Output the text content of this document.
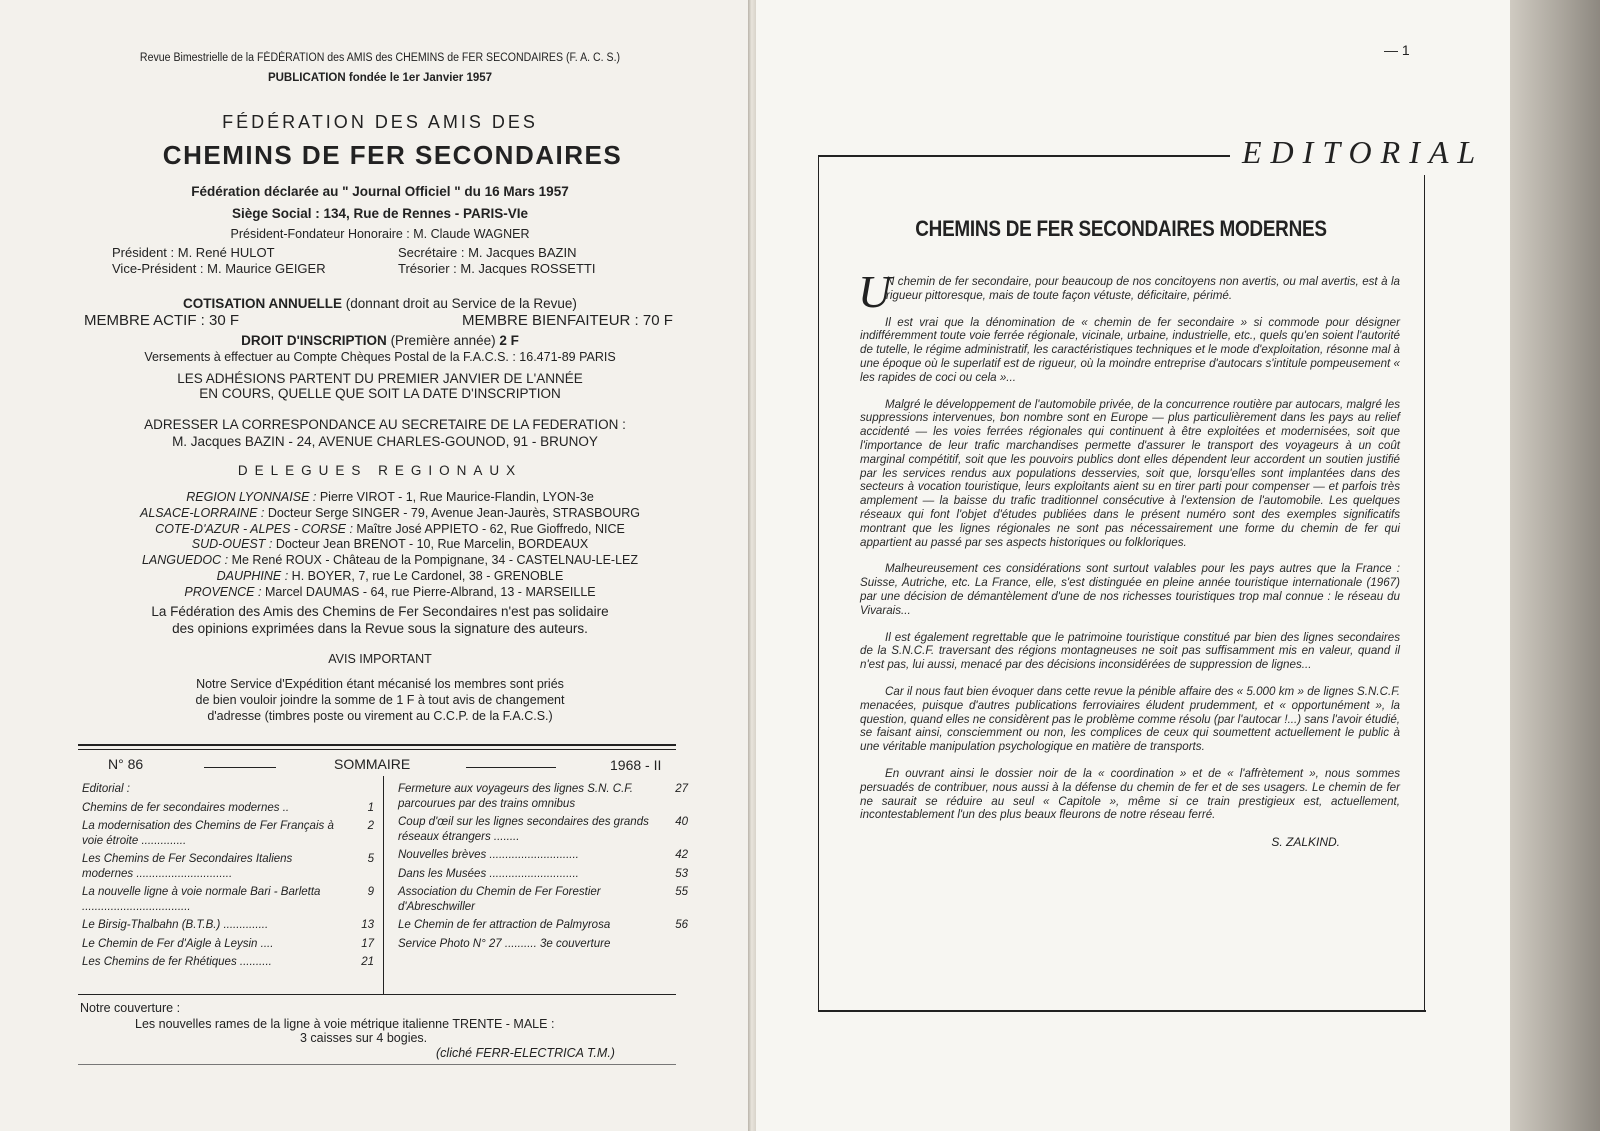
Revue Bimestrielle de la FÉDÉRATION des AMIS des CHEMINS de FER SECONDAIRES (F. A. C. S.)
PUBLICATION fondée le 1er Janvier 1957
FÉDÉRATION DES AMIS DES
CHEMINS DE FER SECONDAIRES
Fédération déclarée au " Journal Officiel " du 16 Mars 1957
Siège Social : 134, Rue de Rennes - PARIS-VIe
Président-Fondateur Honoraire : M. Claude WAGNER
Président : M. René HULOT	Secrétaire : M. Jacques BAZIN
Vice-Président : M. Maurice GEIGER	Trésorier : M. Jacques ROSSETTI
COTISATION ANNUELLE (donnant droit au Service de la Revue)
MEMBRE ACTIF : 30 F	MEMBRE BIENFAITEUR : 70 F
DROIT D'INSCRIPTION (Première année) 2 F
Versements à effectuer au Compte Chèques Postal de la F.A.C.S. : 16.471-89 PARIS
LES ADHÉSIONS PARTENT DU PREMIER JANVIER DE L'ANNÉE
EN COURS, QUELLE QUE SOIT LA DATE D'INSCRIPTION
ADRESSER LA CORRESPONDANCE AU SECRETAIRE DE LA FEDERATION :
M. Jacques BAZIN - 24, AVENUE CHARLES-GOUNOD, 91 - BRUNOY
DELEGUES REGIONAUX
REGION LYONNAISE : Pierre VIROT - 1, Rue Maurice-Flandin, LYON-3e
ALSACE-LORRAINE : Docteur Serge SINGER - 79, Avenue Jean-Jaurès, STRASBOURG
COTE-D'AZUR - ALPES - CORSE : Maître José APPIETO - 62, Rue Gioffredo, NICE
SUD-OUEST : Docteur Jean BRENOT - 10, Rue Marcelin, BORDEAUX
LANGUEDOC : Me René ROUX - Château de la Pompignane, 34 - CASTELNAU-LE-LEZ
DAUPHINE : H. BOYER, 7, rue Le Cardonel, 38 - GRENOBLE
PROVENCE : Marcel DAUMAS - 64, rue Pierre-Albrand, 13 - MARSEILLE
La Fédération des Amis des Chemins de Fer Secondaires n'est pas solidaire
des opinions exprimées dans la Revue sous la signature des auteurs.
AVIS IMPORTANT
Notre Service d'Expédition étant mécanisé los membres sont priés
de bien vouloir joindre la somme de 1 F à tout avis de changement
d'adresse (timbres poste ou virement au C.C.P. de la F.A.C.S.)
N° 86	SOMMAIRE	1968 - II
Editorial :
Chemins de fer secondaires modernes ..	1
La modernisation des Chemins de Fer Français à voie étroite ..............
2
Les Chemins de Fer Secondaires Italiens modernes ..............................
5
La nouvelle ligne à voie normale Bari - Barletta ..................................
9
Le Birsig-Thalbahn (B.T.B.) ..............	13
Le Chemin de Fer d'Aigle à Leysin ....	17
Les Chemins de fer Rhétiques ..........	21
Fermeture aux voyageurs des lignes S.N. C.F. parcourues par des trains omnibus
27
Coup d'œil sur les lignes secondaires des grands réseaux étrangers ........
40
Nouvelles brèves ............................	42
Dans les Musées ............................	53
Association du Chemin de Fer Forestier d'Abreschwiller
55
Le Chemin de fer attraction de Palmyrosa	56
Service Photo N° 27 .......... 3e couverture
Notre couverture :
Les nouvelles rames de la ligne à voie métrique italienne TRENTE - MALE :
3 caisses sur 4 bogies.
(cliché FERR-ELECTRICA T.M.)
— 1
EDITORIAL
CHEMINS DE FER SECONDAIRES MODERNES
U

N chemin de fer secondaire, pour beaucoup de nos concitoyens non avertis, ou mal avertis, est à la rigueur pittoresque, mais de toute façon vétuste, déficitaire, périmé.

Il est vrai que la dénomination de « chemin de fer secondaire » si commode pour désigner indifféremment toute voie ferrée régionale, vicinale, urbaine, industrielle, etc., quels qu'en soient l'autorité de tutelle, le régime administratif, les caractéristiques techniques et le mode d'exploitation, résonne mal à une époque où le superlatif est de rigueur, où la moindre entreprise d'autocars s'intitule pompeusement « les rapides de coci ou cela »...

Malgré le développement de l'automobile privée, de la concurrence routière par autocars, malgré les suppressions intervenues, bon nombre sont en Europe — plus particulièrement dans les pays au relief accidenté — les voies ferrées régionales qui continuent à être exploitées et modernisées, soit que l'importance de leur trafic marchandises permette d'assurer le transport des voyageurs à un coût marginal compétitif, soit que les pouvoirs publics dont elles dépendent leur accordent un soutien justifié par les services rendus aux populations desservies, soit que, lorsqu'elles sont implantées dans des secteurs à vocation touristique, leurs exploitants aient su en tirer parti pour compenser — et parfois très amplement — la baisse du trafic traditionnel consécutive à l'extension de l'automobile. Les quelques réseaux qui font l'objet d'études publiées dans le présent numéro sont des exemples significatifs montrant que les lignes régionales ne sont pas nécessairement une forme du chemin de fer qui appartient au passé par ses aspects historiques ou folkloriques.

Malheureusement ces considérations sont surtout valables pour les pays autres que la France : Suisse, Autriche, etc. La France, elle, s'est distinguée en pleine année touristique internationale (1967) par une décision de démantèlement d'une de nos richesses touristiques trop mal connue : le réseau du Vivarais...

Il est également regrettable que le patrimoine touristique constitué par bien des lignes secondaires de la S.N.C.F. traversant des régions montagneuses ne soit pas suffisamment mis en valeur, quand il n'est pas, lui aussi, menacé par des décisions inconsidérées de suppression de lignes...

Car il nous faut bien évoquer dans cette revue la pénible affaire des « 5.000 km » de lignes S.N.C.F. menacées, puisque d'autres publications ferroviaires éludent prudemment, et « opportunément », la question, quand elles ne considèrent pas le problème comme résolu (par l'autocar !...) sans l'avoir étudié, se faisant ainsi, consciemment ou non, les complices de ceux qui soumettent actuellement le public à une véritable manipulation psychologique en matière de transports.

En ouvrant ainsi le dossier noir de la « coordination » et de « l'affrètement », nous sommes persuadés de contribuer, nous aussi à la défense du chemin de fer et de ses usagers. Le chemin de fer ne saurait se réduire au seul « Capitole », même si ce train prestigieux est, actuellement, incontestablement l'un des plus beaux fleurons de notre réseau ferré.

S. ZALKIND.
